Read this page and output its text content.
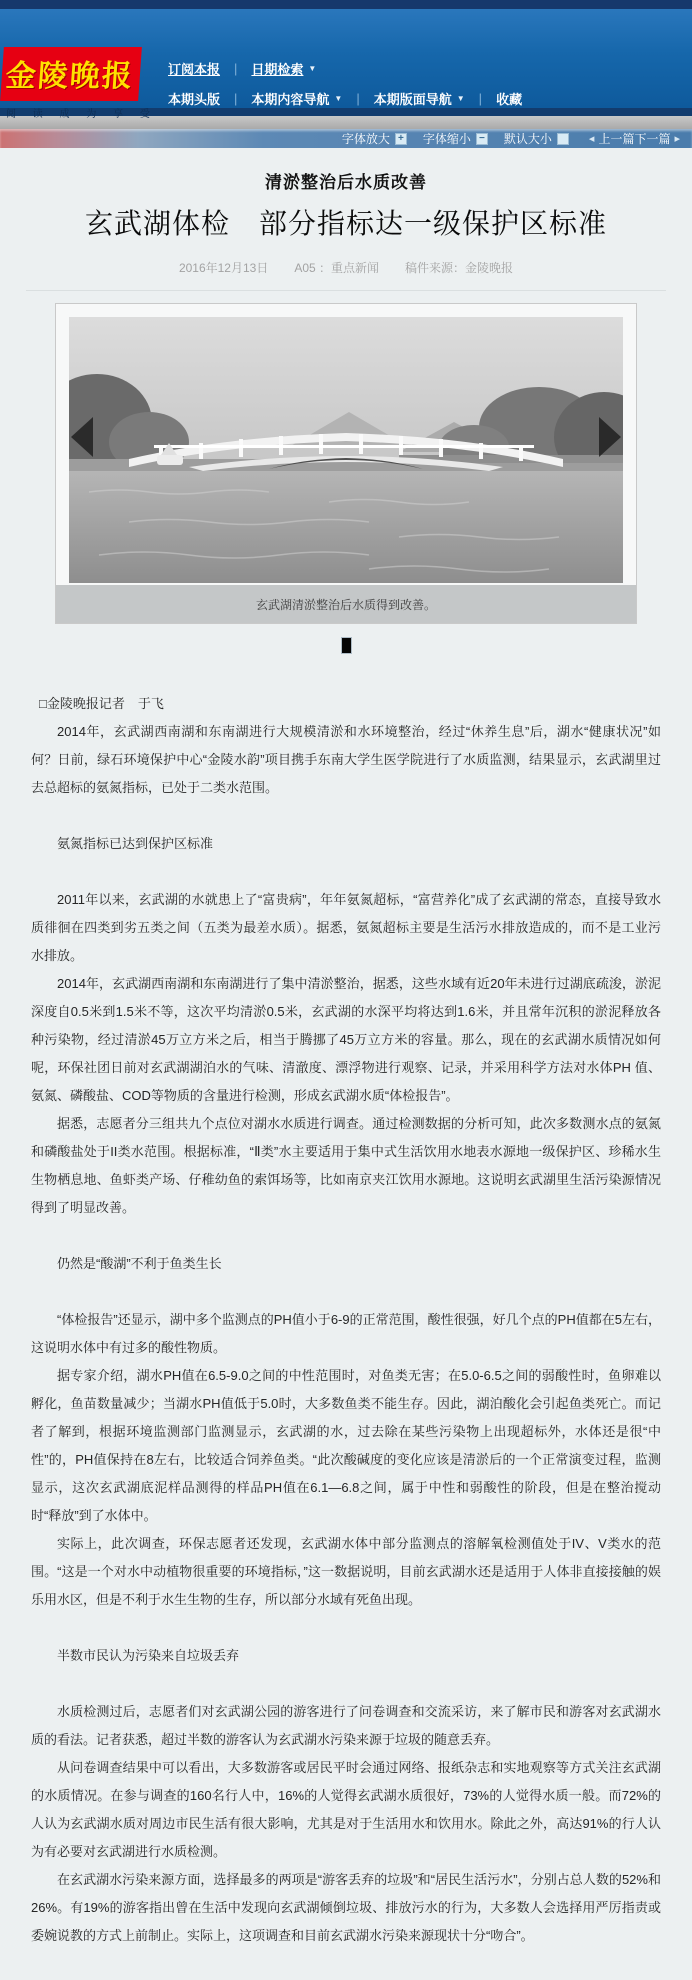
金陵晚报
阅 读 成 为 享 受
订阅本报 | 日期检索 ▼
本期头版 | 本期内容导航 ▼ | 本期版面导航 ▼ | 收藏
字体放大 + 字体缩小 − 默认大小	◂ 上一篇下一篇 ▸
清淤整治后水质改善
玄武湖体检　部分指标达一级保护区标准
2016年12月13日 A05 ：重点新闻 稿件来源：金陵晚报
玄武湖清淤整治后水质得到改善。
□金陵晚报记者　于飞
2014年，玄武湖西南湖和东南湖进行大规模清淤和水环境整治，经过“休养生息”后，湖水“健康状况”如何？日前，绿石环境保护中心“金陵水韵”项目携手东南大学生医学院进行了水质监测，结果显示，玄武湖里过去总超标的氨氮指标，已处于二类水范围。
氨氮指标已达到保护区标准
2011年以来，玄武湖的水就患上了“富贵病”，年年氨氮超标，“富营养化”成了玄武湖的常态，直接导致水质徘徊在四类到劣五类之间（五类为最差水质）。据悉，氨氮超标主要是生活污水排放造成的，而不是工业污水排放。
2014年，玄武湖西南湖和东南湖进行了集中清淤整治，据悉，这些水域有近20年未进行过湖底疏浚，淤泥深度自0.5米到1.5米不等，这次平均清淤0.5米，玄武湖的水深平均将达到1.6米，并且常年沉积的淤泥释放各种污染物，经过清淤45万立方米之后，相当于腾挪了45万立方米的容量。那么，现在的玄武湖水质情况如何呢，环保社团日前对玄武湖湖泊水的气味、清澈度、漂浮物进行观察、记录，并采用科学方法对水体PH 值、氨氮、磷酸盐、COD等物质的含量进行检测，形成玄武湖水质“体检报告”。
据悉，志愿者分三组共九个点位对湖水水质进行调查。通过检测数据的分析可知，此次多数测水点的氨氮和磷酸盐处于II类水范围。根据标准，“Ⅱ类”水主要适用于集中式生活饮用水地表水源地一级保护区、珍稀水生生物栖息地、鱼虾类产场、仔稚幼鱼的索饵场等，比如南京夹江饮用水源地。这说明玄武湖里生活污染源情况得到了明显改善。
仍然是“酸湖”不利于鱼类生长
“体检报告”还显示，湖中多个监测点的PH值小于6-9的正常范围，酸性很强，好几个点的PH值都在5左右，这说明水体中有过多的酸性物质。
据专家介绍，湖水PH值在6.5-9.0之间的中性范围时，对鱼类无害；在5.0-6.5之间的弱酸性时，鱼卵难以孵化，鱼苗数量减少；当湖水PH值低于5.0时，大多数鱼类不能生存。因此，湖泊酸化会引起鱼类死亡。而记者了解到，根据环境监测部门监测显示，玄武湖的水，过去除在某些污染物上出现超标外，水体还是很“中性”的，PH值保持在8左右，比较适合饲养鱼类。“此次酸碱度的变化应该是清淤后的一个正常演变过程，监测显示，这次玄武湖底泥样品测得的样品PH值在6.1—6.8之间，属于中性和弱酸性的阶段，但是在整治搅动时“释放”到了水体中。
实际上，此次调查，环保志愿者还发现，玄武湖水体中部分监测点的溶解氧检测值处于IV、V类水的范围。“这是一个对水中动植物很重要的环境指标，”这一数据说明，目前玄武湖水还是适用于人体非直接接触的娱乐用水区，但是不利于水生生物的生存，所以部分水域有死鱼出现。
半数市民认为污染来自垃圾丢弃
水质检测过后，志愿者们对玄武湖公园的游客进行了问卷调查和交流采访，来了解市民和游客对玄武湖水质的看法。记者获悉，超过半数的游客认为玄武湖水污染来源于垃圾的随意丢弃。
从问卷调查结果中可以看出，大多数游客或居民平时会通过网络、报纸杂志和实地观察等方式关注玄武湖的水质情况。在参与调查的160名行人中，16%的人觉得玄武湖水质很好，73%的人觉得水质一般。而72%的人认为玄武湖水质对周边市民生活有很大影响，尤其是对于生活用水和饮用水。除此之外，高达91%的行人认为有必要对玄武湖进行水质检测。
在玄武湖水污染来源方面，选择最多的两项是“游客丢弃的垃圾”和“居民生活污水”，分别占总人数的52%和26%。有19%的游客指出曾在生活中发现向玄武湖倾倒垃圾、排放污水的行为，大多数人会选择用严厉指责或委婉说教的方式上前制止。实际上，这项调查和目前玄武湖水污染来源现状十分“吻合”。
